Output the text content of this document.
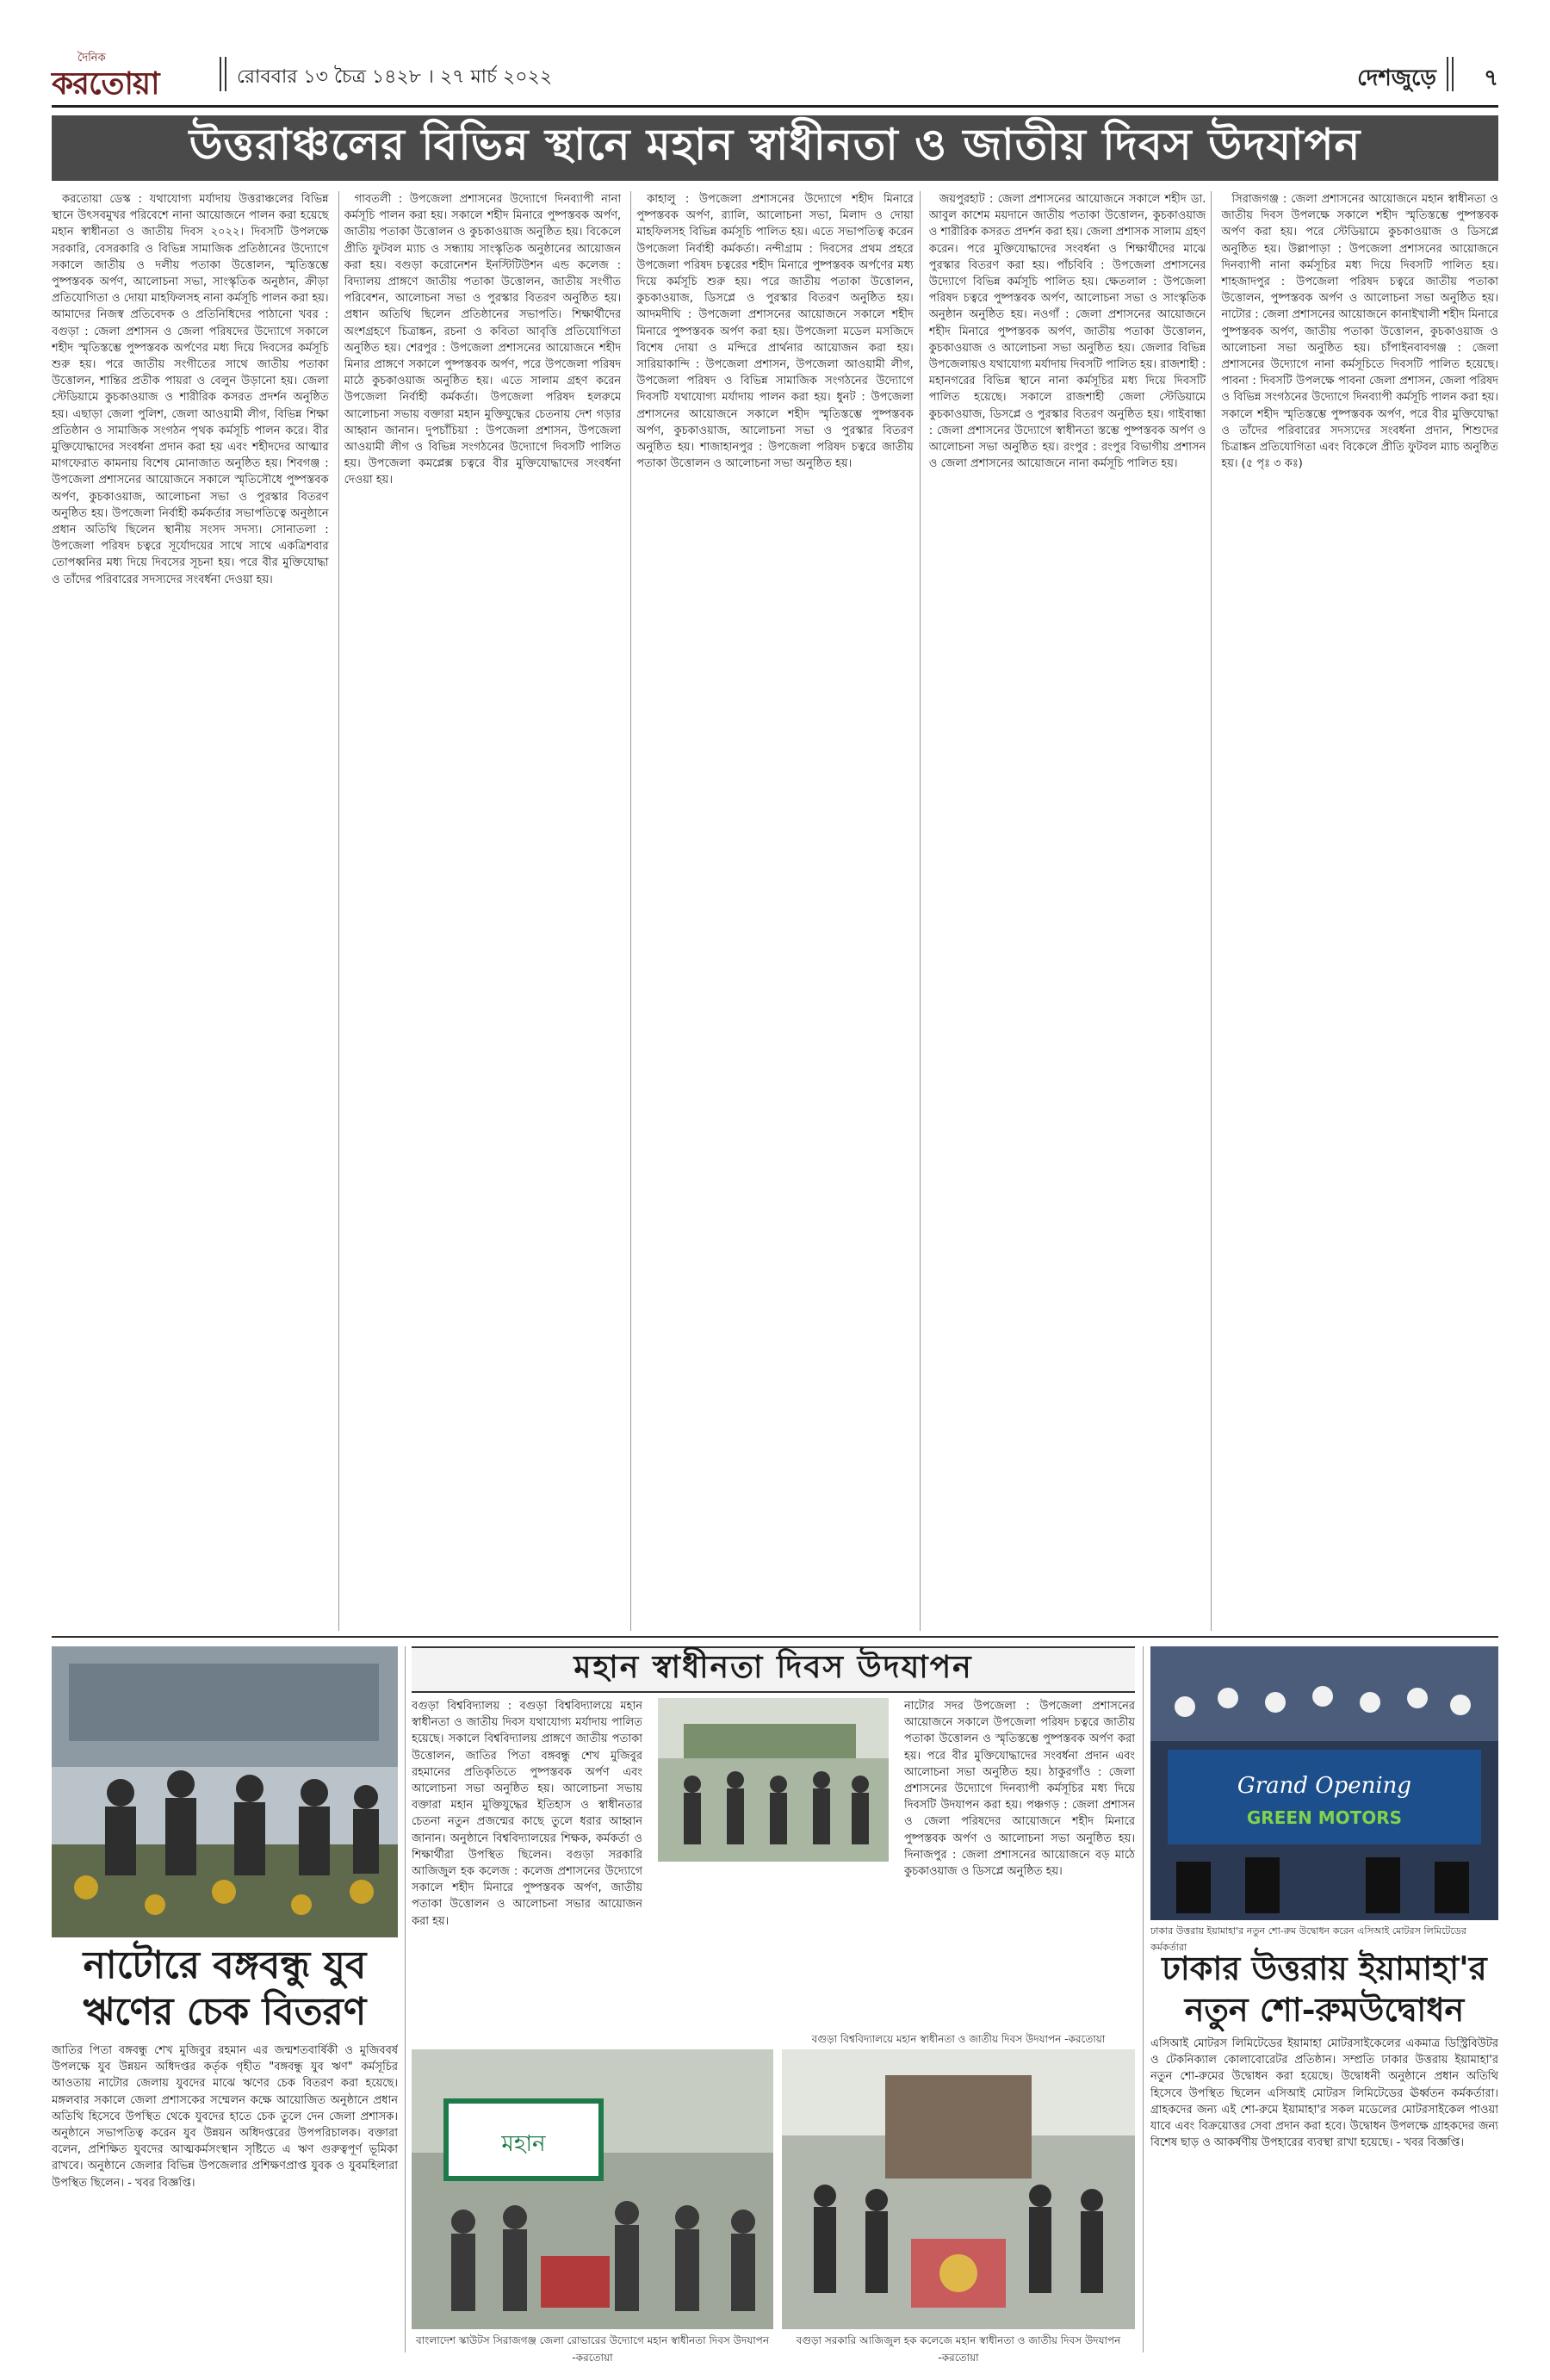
দৈনিক
করতোয়া	রোববার ১৩ চৈত্র ১৪২৮ । ২৭ মার্চ ২০২২	দেশজুড়ে ৭
উত্তরাঞ্চলের বিভিন্ন স্থানে মহান স্বাধীনতা ও জাতীয় দিবস উদযাপন

করতোয়া ডেস্ক : যথাযোগ্য মর্যাদায় উত্তরাঞ্চলের বিভিন্ন স্থানে উৎসবমুখর পরিবেশে নানা আয়োজনে পালন করা হয়েছে মহান স্বাধীনতা ও জাতীয় দিবস ২০২২। দিবসটি উপলক্ষে সরকারি, বেসরকারি ও বিভিন্ন সামাজিক প্রতিষ্ঠানের উদ্যোগে সকালে জাতীয় ও দলীয় পতাকা উত্তোলন, স্মৃতিস্তম্ভে পুষ্পস্তবক অর্পণ, আলোচনা সভা, সাংস্কৃতিক অনুষ্ঠান, ক্রীড়া প্রতিযোগিতা ও দোয়া মাহফিলসহ নানা কর্মসূচি পালন করা হয়। আমাদের নিজস্ব প্রতিবেদক ও প্রতিনিধিদের পাঠানো খবর : বগুড়া : জেলা প্রশাসন ও জেলা পরিষদের উদ্যোগে সকালে শহীদ স্মৃতিস্তম্ভে পুষ্পস্তবক অর্পণের মধ্য দিয়ে দিবসের কর্মসূচি শুরু হয়। পরে জাতীয় সংগীতের সাথে জাতীয় পতাকা উত্তোলন, শান্তির প্রতীক পায়রা ও বেলুন উড়ানো হয়। জেলা স্টেডিয়ামে কুচকাওয়াজ ও শারীরিক কসরত প্রদর্শন অনুষ্ঠিত হয়। এছাড়া জেলা পুলিশ, জেলা আওয়ামী লীগ, বিভিন্ন শিক্ষা প্রতিষ্ঠান ও সামাজিক সংগঠন পৃথক কর্মসূচি পালন করে। বীর মুক্তিযোদ্ধাদের সংবর্ধনা প্রদান করা হয় এবং শহীদদের আত্মার মাগফেরাত কামনায় বিশেষ মোনাজাত অনুষ্ঠিত হয়। শিবগঞ্জ : উপজেলা প্রশাসনের আয়োজনে সকালে স্মৃতিসৌধে পুষ্পস্তবক অর্পণ, কুচকাওয়াজ, আলোচনা সভা ও পুরস্কার বিতরণ অনুষ্ঠিত হয়। উপজেলা নির্বাহী কর্মকর্তার সভাপতিত্বে অনুষ্ঠানে প্রধান অতিথি ছিলেন স্থানীয় সংসদ সদস্য। সোনাতলা : উপজেলা পরিষদ চত্বরে সূর্যোদয়ের সাথে সাথে একত্রিশবার তোপধ্বনির মধ্য দিয়ে দিবসের সূচনা হয়। পরে বীর মুক্তিযোদ্ধা ও তাঁদের পরিবারের সদস্যদের সংবর্ধনা দেওয়া হয়।

গাবতলী : উপজেলা প্রশাসনের উদ্যোগে দিনব্যাপী নানা কর্মসূচি পালন করা হয়। সকালে শহীদ মিনারে পুষ্পস্তবক অর্পণ, জাতীয় পতাকা উত্তোলন ও কুচকাওয়াজ অনুষ্ঠিত হয়। বিকেলে প্রীতি ফুটবল ম্যাচ ও সন্ধ্যায় সাংস্কৃতিক অনুষ্ঠানের আয়োজন করা হয়। বগুড়া করোনেশন ইনস্টিটিউশন এন্ড কলেজ : বিদ্যালয় প্রাঙ্গণে জাতীয় পতাকা উত্তোলন, জাতীয় সংগীত পরিবেশন, আলোচনা সভা ও পুরস্কার বিতরণ অনুষ্ঠিত হয়। প্রধান অতিথি ছিলেন প্রতিষ্ঠানের সভাপতি। শিক্ষার্থীদের অংশগ্রহণে চিত্রাঙ্কন, রচনা ও কবিতা আবৃত্তি প্রতিযোগিতা অনুষ্ঠিত হয়। শেরপুর : উপজেলা প্রশাসনের আয়োজনে শহীদ মিনার প্রাঙ্গণে সকালে পুষ্পস্তবক অর্পণ, পরে উপজেলা পরিষদ মাঠে কুচকাওয়াজ অনুষ্ঠিত হয়। এতে সালাম গ্রহণ করেন উপজেলা নির্বাহী কর্মকর্তা। উপজেলা পরিষদ হলরুমে আলোচনা সভায় বক্তারা মহান মুক্তিযুদ্ধের চেতনায় দেশ গড়ার আহ্বান জানান। দুপচাঁচিয়া : উপজেলা প্রশাসন, উপজেলা আওয়ামী লীগ ও বিভিন্ন সংগঠনের উদ্যোগে দিবসটি পালিত হয়। উপজেলা কমপ্লেক্স চত্বরে বীর মুক্তিযোদ্ধাদের সংবর্ধনা দেওয়া হয়।

কাহালু : উপজেলা প্রশাসনের উদ্যোগে শহীদ মিনারে পুষ্পস্তবক অর্পণ, র‍্যালি, আলোচনা সভা, মিলাদ ও দোয়া মাহফিলসহ বিভিন্ন কর্মসূচি পালিত হয়। এতে সভাপতিত্ব করেন উপজেলা নির্বাহী কর্মকর্তা। নন্দীগ্রাম : দিবসের প্রথম প্রহরে উপজেলা পরিষদ চত্বরের শহীদ মিনারে পুষ্পস্তবক অর্পণের মধ্য দিয়ে কর্মসূচি শুরু হয়। পরে জাতীয় পতাকা উত্তোলন, কুচকাওয়াজ, ডিসপ্লে ও পুরস্কার বিতরণ অনুষ্ঠিত হয়। আদমদীঘি : উপজেলা প্রশাসনের আয়োজনে সকালে শহীদ মিনারে পুষ্পস্তবক অর্পণ করা হয়। উপজেলা মডেল মসজিদে বিশেষ দোয়া ও মন্দিরে প্রার্থনার আয়োজন করা হয়। সারিয়াকান্দি : উপজেলা প্রশাসন, উপজেলা আওয়ামী লীগ, উপজেলা পরিষদ ও বিভিন্ন সামাজিক সংগঠনের উদ্যোগে দিবসটি যথাযোগ্য মর্যাদায় পালন করা হয়। ধুনট : উপজেলা প্রশাসনের আয়োজনে সকালে শহীদ স্মৃতিস্তম্ভে পুষ্পস্তবক অর্পণ, কুচকাওয়াজ, আলোচনা সভা ও পুরস্কার বিতরণ অনুষ্ঠিত হয়। শাজাহানপুর : উপজেলা পরিষদ চত্বরে জাতীয় পতাকা উত্তোলন ও আলোচনা সভা অনুষ্ঠিত হয়।

জয়পুরহাট : জেলা প্রশাসনের আয়োজনে সকালে শহীদ ডা. আবুল কাশেম ময়দানে জাতীয় পতাকা উত্তোলন, কুচকাওয়াজ ও শারীরিক কসরত প্রদর্শন করা হয়। জেলা প্রশাসক সালাম গ্রহণ করেন। পরে মুক্তিযোদ্ধাদের সংবর্ধনা ও শিক্ষার্থীদের মাঝে পুরস্কার বিতরণ করা হয়। পাঁচবিবি : উপজেলা প্রশাসনের উদ্যোগে বিভিন্ন কর্মসূচি পালিত হয়। ক্ষেতলাল : উপজেলা পরিষদ চত্বরে পুষ্পস্তবক অর্পণ, আলোচনা সভা ও সাংস্কৃতিক অনুষ্ঠান অনুষ্ঠিত হয়। নওগাঁ : জেলা প্রশাসনের আয়োজনে শহীদ মিনারে পুষ্পস্তবক অর্পণ, জাতীয় পতাকা উত্তোলন, কুচকাওয়াজ ও আলোচনা সভা অনুষ্ঠিত হয়। জেলার বিভিন্ন উপজেলায়ও যথাযোগ্য মর্যাদায় দিবসটি পালিত হয়। রাজশাহী : মহানগরের বিভিন্ন স্থানে নানা কর্মসূচির মধ্য দিয়ে দিবসটি পালিত হয়েছে। সকালে রাজশাহী জেলা স্টেডিয়ামে কুচকাওয়াজ, ডিসপ্লে ও পুরস্কার বিতরণ অনুষ্ঠিত হয়। গাইবান্ধা : জেলা প্রশাসনের উদ্যোগে স্বাধীনতা স্তম্ভে পুষ্পস্তবক অর্পণ ও আলোচনা সভা অনুষ্ঠিত হয়। রংপুর : রংপুর বিভাগীয় প্রশাসন ও জেলা প্রশাসনের আয়োজনে নানা কর্মসূচি পালিত হয়।

সিরাজগঞ্জ : জেলা প্রশাসনের আয়োজনে মহান স্বাধীনতা ও জাতীয় দিবস উপলক্ষে সকালে শহীদ স্মৃতিস্তম্ভে পুষ্পস্তবক অর্পণ করা হয়। পরে স্টেডিয়ামে কুচকাওয়াজ ও ডিসপ্লে অনুষ্ঠিত হয়। উল্লাপাড়া : উপজেলা প্রশাসনের আয়োজনে দিনব্যাপী নানা কর্মসূচির মধ্য দিয়ে দিবসটি পালিত হয়। শাহজাদপুর : উপজেলা পরিষদ চত্বরে জাতীয় পতাকা উত্তোলন, পুষ্পস্তবক অর্পণ ও আলোচনা সভা অনুষ্ঠিত হয়। নাটোর : জেলা প্রশাসনের আয়োজনে কানাইখালী শহীদ মিনারে পুষ্পস্তবক অর্পণ, জাতীয় পতাকা উত্তোলন, কুচকাওয়াজ ও আলোচনা সভা অনুষ্ঠিত হয়। চাঁপাইনবাবগঞ্জ : জেলা প্রশাসনের উদ্যোগে নানা কর্মসূচিতে দিবসটি পালিত হয়েছে। পাবনা : দিবসটি উপলক্ষে পাবনা জেলা প্রশাসন, জেলা পরিষদ ও বিভিন্ন সংগঠনের উদ্যোগে দিনব্যাপী কর্মসূচি পালন করা হয়। সকালে শহীদ স্মৃতিস্তম্ভে পুষ্পস্তবক অর্পণ, পরে বীর মুক্তিযোদ্ধা ও তাঁদের পরিবারের সদস্যদের সংবর্ধনা প্রদান, শিশুদের চিত্রাঙ্কন প্রতিযোগিতা এবং বিকেলে প্রীতি ফুটবল ম্যাচ অনুষ্ঠিত হয়। (৫ পৃঃ ৩ কঃ)

নাটোরে বঙ্গবন্ধু যুব
ঋণের চেক বিতরণ
জাতির পিতা বঙ্গবন্ধু শেখ মুজিবুর রহমান এর জন্মশতবার্ষিকী ও মুজিববর্ষ উপলক্ষে যুব উন্নয়ন অধিদপ্তর কর্তৃক গৃহীত "বঙ্গবন্ধু যুব ঋণ" কর্মসূচির আওতায় নাটোর জেলায় যুবদের মাঝে ঋণের চেক বিতরণ করা হয়েছে। মঙ্গলবার সকালে জেলা প্রশাসকের সম্মেলন কক্ষে আয়োজিত অনুষ্ঠানে প্রধান অতিথি হিসেবে উপস্থিত থেকে যুবদের হাতে চেক তুলে দেন জেলা প্রশাসক। অনুষ্ঠানে সভাপতিত্ব করেন যুব উন্নয়ন অধিদপ্তরের উপপরিচালক। বক্তারা বলেন, প্রশিক্ষিত যুবদের আত্মকর্মসংস্থান সৃষ্টিতে এ ঋণ গুরুত্বপূর্ণ ভূমিকা রাখবে। অনুষ্ঠানে জেলার বিভিন্ন উপজেলার প্রশিক্ষণপ্রাপ্ত যুবক ও যুবমহিলারা উপস্থিত ছিলেন। - খবর বিজ্ঞপ্তি।
মহান স্বাধীনতা দিবস উদযাপন
বগুড়া বিশ্ববিদ্যালয় : বগুড়া বিশ্ববিদ্যালয়ে মহান স্বাধীনতা ও জাতীয় দিবস যথাযোগ্য মর্যাদায় পালিত হয়েছে। সকালে বিশ্ববিদ্যালয় প্রাঙ্গণে জাতীয় পতাকা উত্তোলন, জাতির পিতা বঙ্গবন্ধু শেখ মুজিবুর রহমানের প্রতিকৃতিতে পুষ্পস্তবক অর্পণ এবং আলোচনা সভা অনুষ্ঠিত হয়। আলোচনা সভায় বক্তারা মহান মুক্তিযুদ্ধের ইতিহাস ও স্বাধীনতার চেতনা নতুন প্রজন্মের কাছে তুলে ধরার আহ্বান জানান। অনুষ্ঠানে বিশ্ববিদ্যালয়ের শিক্ষক, কর্মকর্তা ও শিক্ষার্থীরা উপস্থিত ছিলেন। বগুড়া সরকারি আজিজুল হক কলেজ : কলেজ প্রশাসনের উদ্যোগে সকালে শহীদ মিনারে পুষ্পস্তবক অর্পণ, জাতীয় পতাকা উত্তোলন ও আলোচনা সভার আয়োজন করা হয়।
নাটোর সদর উপজেলা : উপজেলা প্রশাসনের আয়োজনে সকালে উপজেলা পরিষদ চত্বরে জাতীয় পতাকা উত্তোলন ও স্মৃতিস্তম্ভে পুষ্পস্তবক অর্পণ করা হয়। পরে বীর মুক্তিযোদ্ধাদের সংবর্ধনা প্রদান এবং আলোচনা সভা অনুষ্ঠিত হয়। ঠাকুরগাঁও : জেলা প্রশাসনের উদ্যোগে দিনব্যাপী কর্মসূচির মধ্য দিয়ে দিবসটি উদযাপন করা হয়। পঞ্চগড় : জেলা প্রশাসন ও জেলা পরিষদের আয়োজনে শহীদ মিনারে পুষ্পস্তবক অর্পণ ও আলোচনা সভা অনুষ্ঠিত হয়। দিনাজপুর : জেলা প্রশাসনের আয়োজনে বড় মাঠে কুচকাওয়াজ ও ডিসপ্লে অনুষ্ঠিত হয়।
বগুড়া বিশ্ববিদ্যালয়ে মহান স্বাধীনতা ও জাতীয় দিবস উদযাপন -করতোয়া
মহান
বাংলাদেশ স্কাউটস সিরাজগঞ্জ জেলা রোভারের উদ্যোগে মহান স্বাধীনতা দিবস উদযাপন -করতোয়া
বগুড়া সরকারি আজিজুল হক কলেজে মহান স্বাধীনতা ও জাতীয় দিবস উদযাপন -করতোয়া
Grand Opening
GREEN MOTORS
ঢাকার উত্তরায় ইয়ামাহা'র নতুন শো-রুম উদ্বোধন করেন এসিআই মোটরস লিমিটেডের কর্মকর্তারা
ঢাকার উত্তরায় ইয়ামাহা'র
নতুন শো-রুমউদ্বোধন
এসিআই মোটরস লিমিটেডের ইয়ামাহা মোটরসাইকেলের একমাত্র ডিস্ট্রিবিউটর ও টেকনিক্যাল কোলাবোরেটর প্রতিষ্ঠান। সম্প্রতি ঢাকার উত্তরায় ইয়ামাহা'র নতুন শো-রুমের উদ্বোধন করা হয়েছে। উদ্বোধনী অনুষ্ঠানে প্রধান অতিথি হিসেবে উপস্থিত ছিলেন এসিআই মোটরস লিমিটেডের ঊর্ধ্বতন কর্মকর্তারা। গ্রাহকদের জন্য এই শো-রুমে ইয়ামাহা'র সকল মডেলের মোটরসাইকেল পাওয়া যাবে এবং বিক্রয়োত্তর সেবা প্রদান করা হবে। উদ্বোধন উপলক্ষে গ্রাহকদের জন্য বিশেষ ছাড় ও আকর্ষণীয় উপহারের ব্যবস্থা রাখা হয়েছে। - খবর বিজ্ঞপ্তি।
